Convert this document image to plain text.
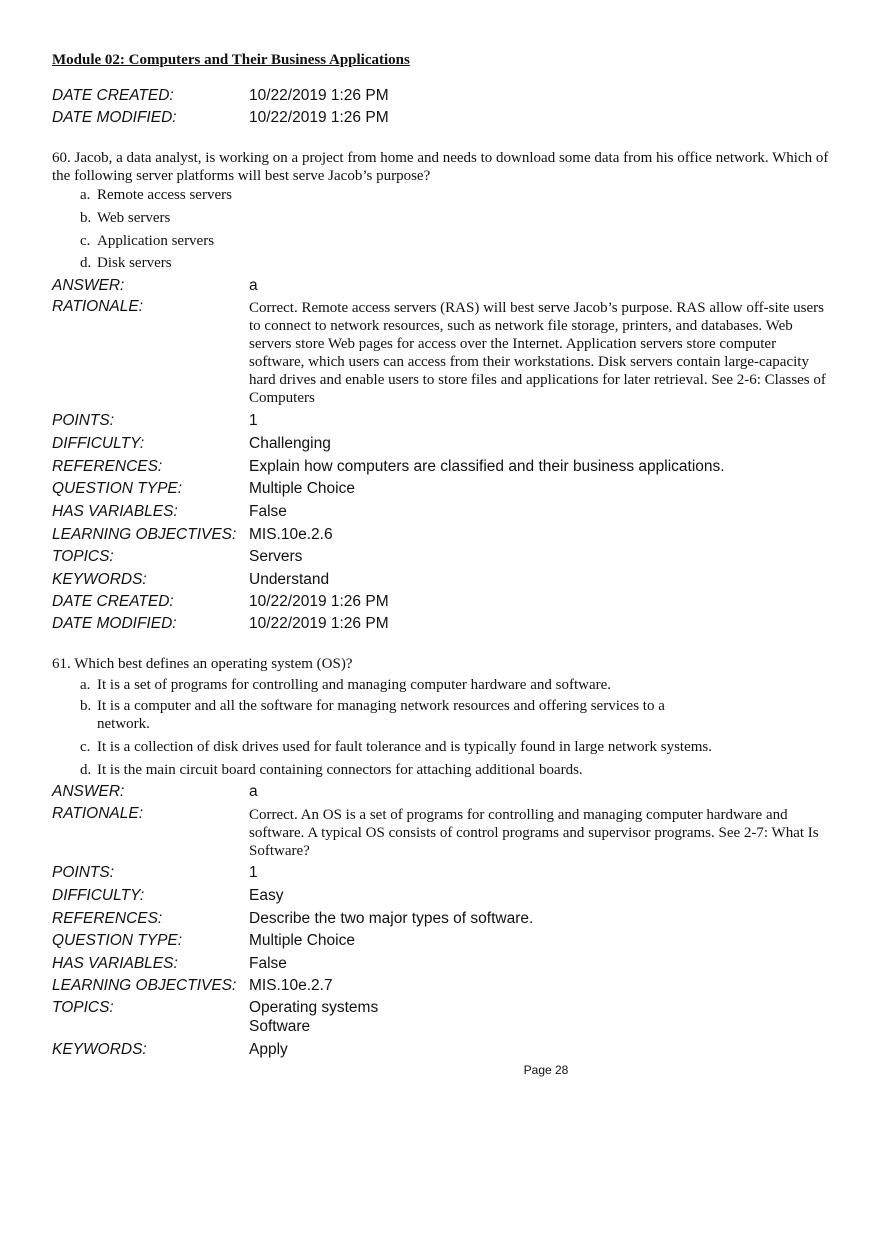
Module 02: Computers and Their Business Applications
DATE CREATED:	10/22/2019 1:26 PM
DATE MODIFIED:	10/22/2019 1:26 PM
60. Jacob, a data analyst, is working on a project from home and needs to download some data from his office network. Which of the following server platforms will best serve Jacob’s purpose?
a. Remote access servers
b. Web servers
c. Application servers
d. Disk servers
ANSWER:	a
RATIONALE:	Correct. Remote access servers (RAS) will best serve Jacob’s purpose. RAS allow off-site users to connect to network resources, such as network file storage, printers, and databases. Web servers store Web pages for access over the Internet. Application servers store computer software, which users can access from their workstations. Disk servers contain large-capacity hard drives and enable users to store files and applications for later retrieval. See 2-6: Classes of Computers
POINTS:	1
DIFFICULTY:	Challenging
REFERENCES:	Explain how computers are classified and their business applications.
QUESTION TYPE:	Multiple Choice
HAS VARIABLES:	False
LEARNING OBJECTIVES: MIS.10e.2.6
TOPICS:	Servers
KEYWORDS:	Understand
DATE CREATED:	10/22/2019 1:26 PM
DATE MODIFIED:	10/22/2019 1:26 PM
61. Which best defines an operating system (OS)?
a. It is a set of programs for controlling and managing computer hardware and software.
b. It is a computer and all the software for managing network resources and offering services to a network.
c. It is a collection of disk drives used for fault tolerance and is typically found in large network systems.
d. It is the main circuit board containing connectors for attaching additional boards.
ANSWER:	a
RATIONALE:	Correct. An OS is a set of programs for controlling and managing computer hardware and software. A typical OS consists of control programs and supervisor programs. See 2-7: What Is Software?
POINTS:	1
DIFFICULTY:	Easy
REFERENCES:	Describe the two major types of software.
QUESTION TYPE:	Multiple Choice
HAS VARIABLES:	False
LEARNING OBJECTIVES: MIS.10e.2.7
TOPICS:	Operating systems
Software
KEYWORDS:	Apply
Page 28
